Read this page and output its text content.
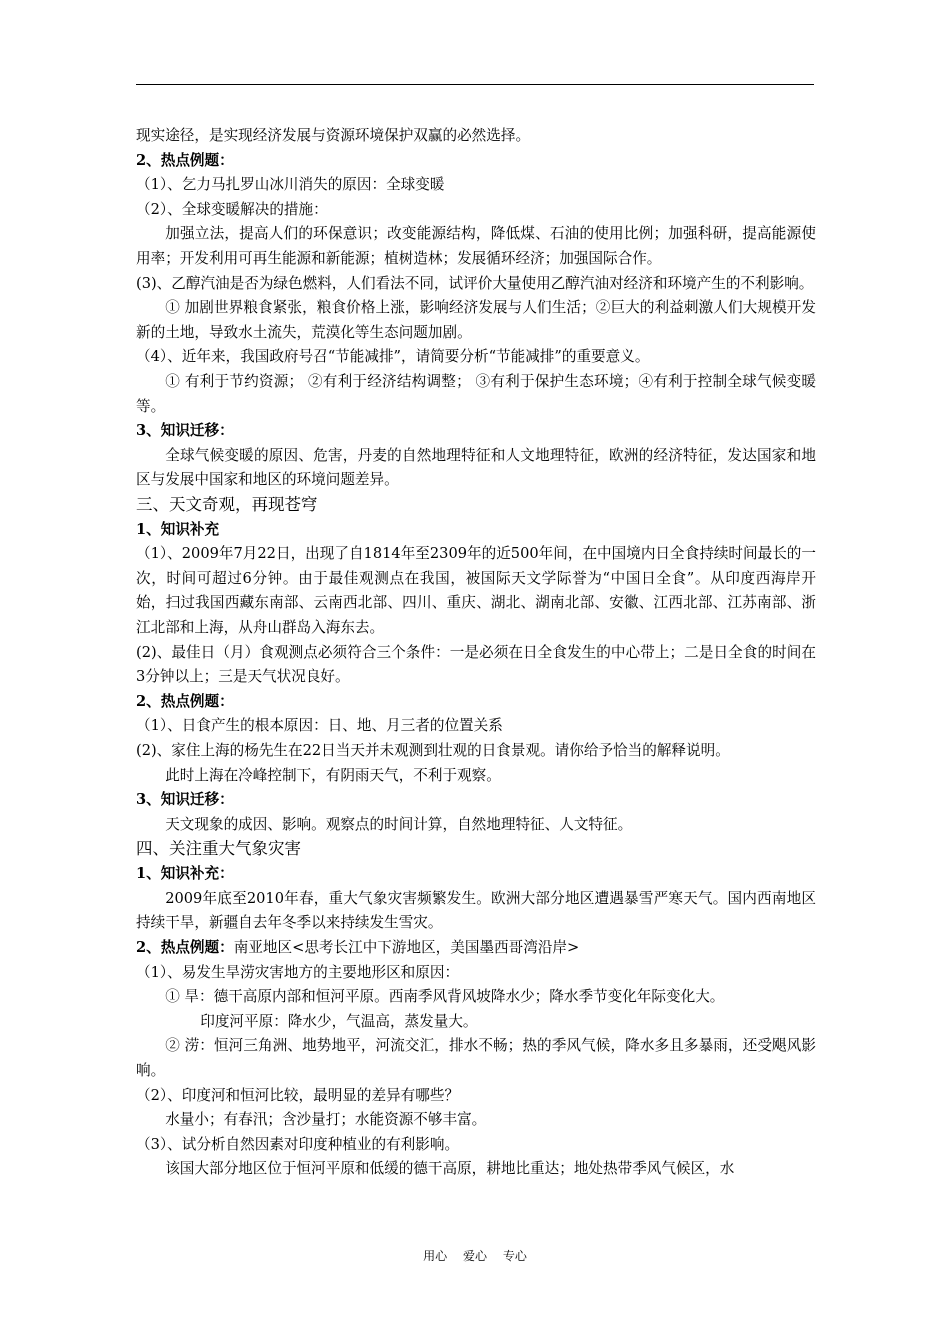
现实途径，是实现经济发展与资源环境保护双赢的必然选择。

2、热点例题：

（1）、乞力马扎罗山冰川消失的原因：全球变暖

（2）、全球变暖解决的措施：

加强立法，提高人们的环保意识；改变能源结构，降低煤、石油的使用比例；加强科研，提高能源使用率；开发利用可再生能源和新能源；植树造林；发展循环经济；加强国际合作。

(3)、乙醇汽油是否为绿色燃料，人们看法不同，试评价大量使用乙醇汽油对经济和环境产生的不利影响。

① 加剧世界粮食紧张，粮食价格上涨，影响经济发展与人们生活；②巨大的利益刺激人们大规模开发新的土地，导致水土流失，荒漠化等生态问题加剧。

（4）、近年来，我国政府号召“节能减排”，请简要分析“节能减排”的重要意义。

① 有利于节约资源； ②有利于经济结构调整； ③有利于保护生态环境；④有利于控制全球气候变暖等。

3、知识迁移：

全球气候变暖的原因、危害，丹麦的自然地理特征和人文地理特征，欧洲的经济特征，发达国家和地区与发展中国家和地区的环境问题差异。

三、天文奇观，再现苍穹

1、知识补充

（1）、2009年7月22日，出现了自1814年至2309年的近500年间，在中国境内日全食持续时间最长的一次，时间可超过6分钟。由于最佳观测点在我国，被国际天文学际誉为“中国日全食”。从印度西海岸开始，扫过我国西藏东南部、云南西北部、四川、重庆、湖北、湖南北部、安徽、江西北部、江苏南部、浙江北部和上海，从舟山群岛入海东去。

(2)、最佳日（月）食观测点必须符合三个条件：一是必须在日全食发生的中心带上；二是日全食的时间在3分钟以上；三是天气状况良好。

2、热点例题：

（1）、日食产生的根本原因：日、地、月三者的位置关系

(2)、家住上海的杨先生在22日当天并未观测到壮观的日食景观。请你给予恰当的解释说明。

此时上海在冷峰控制下，有阴雨天气，不利于观察。

3、知识迁移：

天文现象的成因、影响。观察点的时间计算，自然地理特征、人文特征。

四、关注重大气象灾害

1、知识补充：

2009年底至2010年春，重大气象灾害频繁发生。欧洲大部分地区遭遇暴雪严寒天气。国内西南地区持续干旱，新疆自去年冬季以来持续发生雪灾。

2、热点例题：南亚地区<思考长江中下游地区，美国墨西哥湾沿岸>

（1）、易发生旱涝灾害地方的主要地形区和原因：

① 旱：德干高原内部和恒河平原。西南季风背风坡降水少；降水季节变化年际变化大。

印度河平原：降水少，气温高，蒸发量大。

② 涝：恒河三角洲、地势地平，河流交汇，排水不畅；热的季风气候，降水多且多暴雨，还受飓风影响。

（2）、印度河和恒河比较，最明显的差异有哪些？

水量小；有春汛；含沙量打；水能资源不够丰富。

（3）、试分析自然因素对印度种植业的有利影响。

该国大部分地区位于恒河平原和低缓的德干高原，耕地比重达；地处热带季风气候区，水

用心 爱心 专心
